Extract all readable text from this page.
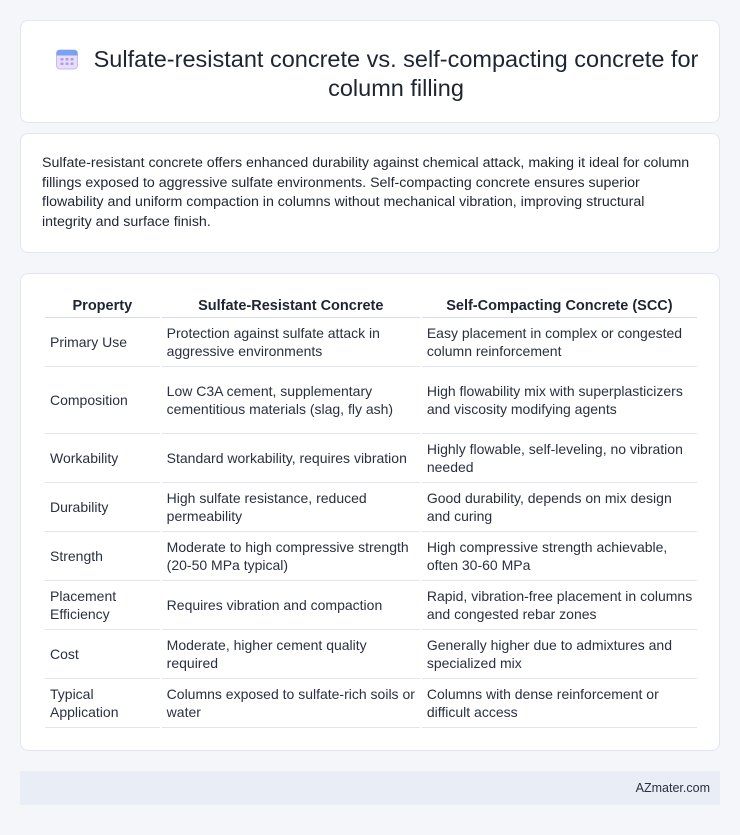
Sulfate-resistant concrete vs. self-compacting concrete for column filling

Sulfate-resistant concrete offers enhanced durability against chemical attack, making it ideal for column fillings exposed to aggressive sulfate environments. Self-compacting concrete ensures superior flowability and uniform compaction in columns without mechanical vibration, improving structural integrity and surface finish.

Property	Sulfate-Resistant Concrete	Self-Compacting Concrete (SCC)
Primary Use	Protection against sulfate attack in aggressive environments	Easy placement in complex or congested column reinforcement
Composition	Low C3A cement, supplementary cementitious materials (slag, fly ash)	High flowability mix with superplasticizers and viscosity modifying agents
Workability	Standard workability, requires vibration	Highly flowable, self-leveling, no vibration needed
Durability	High sulfate resistance, reduced permeability	Good durability, depends on mix design and curing
Strength	Moderate to high compressive strength (20-50 MPa typical)	High compressive strength achievable, often 30-60 MPa
Placement Efficiency	Requires vibration and compaction	Rapid, vibration-free placement in columns and congested rebar zones
Cost	Moderate, higher cement quality required	Generally higher due to admixtures and specialized mix
Typical Application	Columns exposed to sulfate-rich soils or water	Columns with dense reinforcement or difficult access
AZmater.com
